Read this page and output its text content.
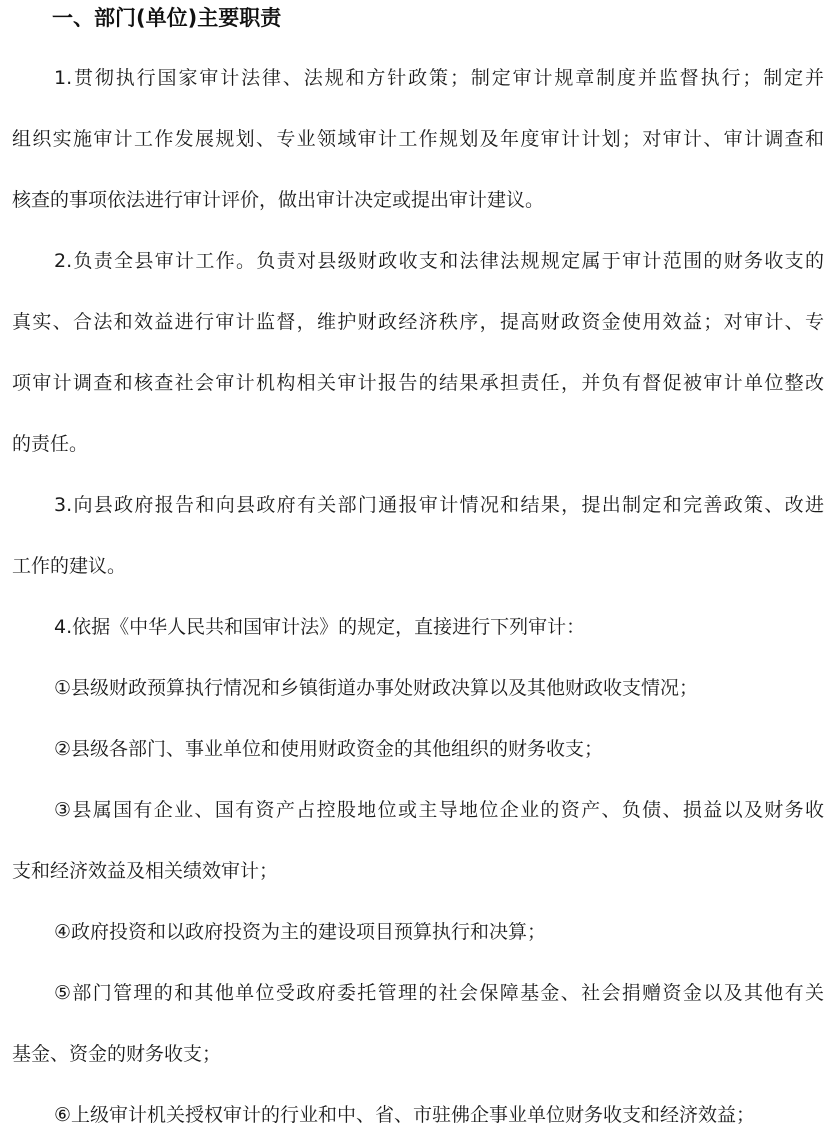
一、部门(单位)主要职责
1.贯彻执行国家审计法律、法规和方针政策；制定审计规章制度并监督执行；制定并
组织实施审计工作发展规划、专业领域审计工作规划及年度审计计划；对审计、审计调查和
核查的事项依法进行审计评价，做出审计决定或提出审计建议。
2.负责全县审计工作。负责对县级财政收支和法律法规规定属于审计范围的财务收支的
真实、合法和效益进行审计监督，维护财政经济秩序，提高财政资金使用效益；对审计、专
项审计调查和核查社会审计机构相关审计报告的结果承担责任，并负有督促被审计单位整改
的责任。
3.向县政府报告和向县政府有关部门通报审计情况和结果，提出制定和完善政策、改进
工作的建议。
4.依据《中华人民共和国审计法》的规定，直接进行下列审计：
①县级财政预算执行情况和乡镇街道办事处财政决算以及其他财政收支情况；
②县级各部门、事业单位和使用财政资金的其他组织的财务收支；
③县属国有企业、国有资产占控股地位或主导地位企业的资产、负债、损益以及财务收
支和经济效益及相关绩效审计；
④政府投资和以政府投资为主的建设项目预算执行和决算；
⑤部门管理的和其他单位受政府委托管理的社会保障基金、社会捐赠资金以及其他有关
基金、资金的财务收支；
⑥上级审计机关授权审计的行业和中、省、市驻佛企事业单位财务收支和经济效益；
